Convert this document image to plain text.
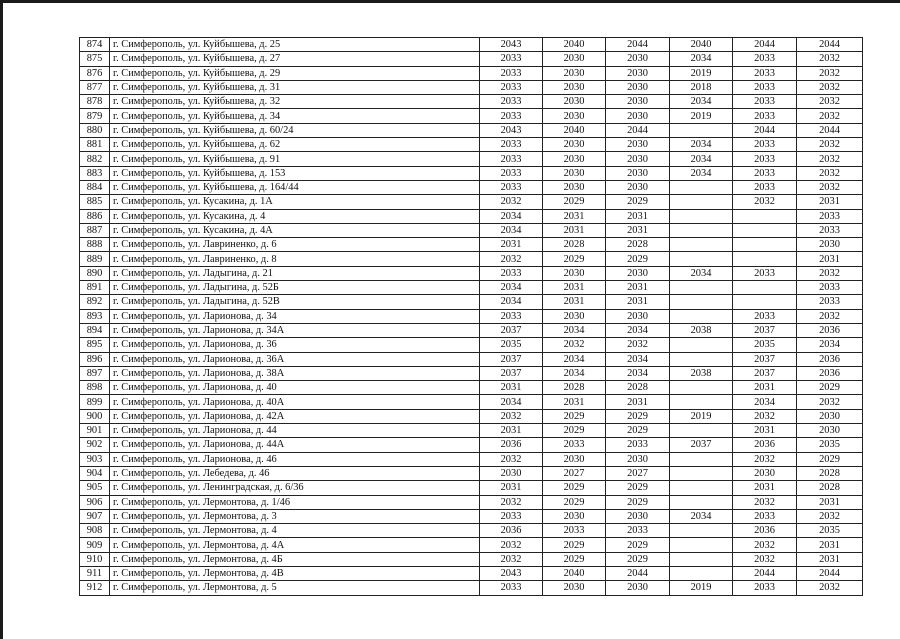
874	г. Симферополь, ул. Куйбышева, д. 25	2043	2040	2044	2040	2044	2044
875	г. Симферополь, ул. Куйбышева, д. 27	2033	2030	2030	2034	2033	2032
876	г. Симферополь, ул. Куйбышева, д. 29	2033	2030	2030	2019	2033	2032
877	г. Симферополь, ул. Куйбышева, д. 31	2033	2030	2030	2018	2033	2032
878	г. Симферополь, ул. Куйбышева, д. 32	2033	2030	2030	2034	2033	2032
879	г. Симферополь, ул. Куйбышева, д. 34	2033	2030	2030	2019	2033	2032
880	г. Симферополь, ул. Куйбышева, д. 60/24	2043	2040	2044		2044	2044
881	г. Симферополь, ул. Куйбышева, д. 62	2033	2030	2030	2034	2033	2032
882	г. Симферополь, ул. Куйбышева, д. 91	2033	2030	2030	2034	2033	2032
883	г. Симферополь, ул. Куйбышева, д. 153	2033	2030	2030	2034	2033	2032
884	г. Симферополь, ул. Куйбышева, д. 164/44	2033	2030	2030		2033	2032
885	г. Симферополь, ул. Кусакина, д. 1А	2032	2029	2029		2032	2031
886	г. Симферополь, ул. Кусакина, д. 4	2034	2031	2031			2033
887	г. Симферополь, ул. Кусакина, д. 4А	2034	2031	2031			2033
888	г. Симферополь, ул. Лавриненко, д. 6	2031	2028	2028			2030
889	г. Симферополь, ул. Лавриненко, д. 8	2032	2029	2029			2031
890	г. Симферополь, ул. Ладыгина, д. 21	2033	2030	2030	2034	2033	2032
891	г. Симферополь, ул. Ладыгина, д. 52Б	2034	2031	2031			2033
892	г. Симферополь, ул. Ладыгина, д. 52В	2034	2031	2031			2033
893	г. Симферополь, ул. Ларионова, д. 34	2033	2030	2030		2033	2032
894	г. Симферополь, ул. Ларионова, д. 34А	2037	2034	2034	2038	2037	2036
895	г. Симферополь, ул. Ларионова, д. 36	2035	2032	2032		2035	2034
896	г. Симферополь, ул. Ларионова, д. 36А	2037	2034	2034		2037	2036
897	г. Симферополь, ул. Ларионова, д. 38А	2037	2034	2034	2038	2037	2036
898	г. Симферополь, ул. Ларионова, д. 40	2031	2028	2028		2031	2029
899	г. Симферополь, ул. Ларионова, д. 40А	2034	2031	2031		2034	2032
900	г. Симферополь, ул. Ларионова, д. 42А	2032	2029	2029	2019	2032	2030
901	г. Симферополь, ул. Ларионова, д. 44	2031	2029	2029		2031	2030
902	г. Симферополь, ул. Ларионова, д. 44А	2036	2033	2033	2037	2036	2035
903	г. Симферополь, ул. Ларионова, д. 46	2032	2030	2030		2032	2029
904	г. Симферополь, ул. Лебедева, д. 46	2030	2027	2027		2030	2028
905	г. Симферополь, ул. Ленинградская, д. 6/36	2031	2029	2029		2031	2028
906	г. Симферополь, ул. Лермонтова, д. 1/46	2032	2029	2029		2032	2031
907	г. Симферополь, ул. Лермонтова, д. 3	2033	2030	2030	2034	2033	2032
908	г. Симферополь, ул. Лермонтова, д. 4	2036	2033	2033		2036	2035
909	г. Симферополь, ул. Лермонтова, д. 4А	2032	2029	2029		2032	2031
910	г. Симферополь, ул. Лермонтова, д. 4Б	2032	2029	2029		2032	2031
911	г. Симферополь, ул. Лермонтова, д. 4В	2043	2040	2044		2044	2044
912	г. Симферополь, ул. Лермонтова, д. 5	2033	2030	2030	2019	2033	2032
